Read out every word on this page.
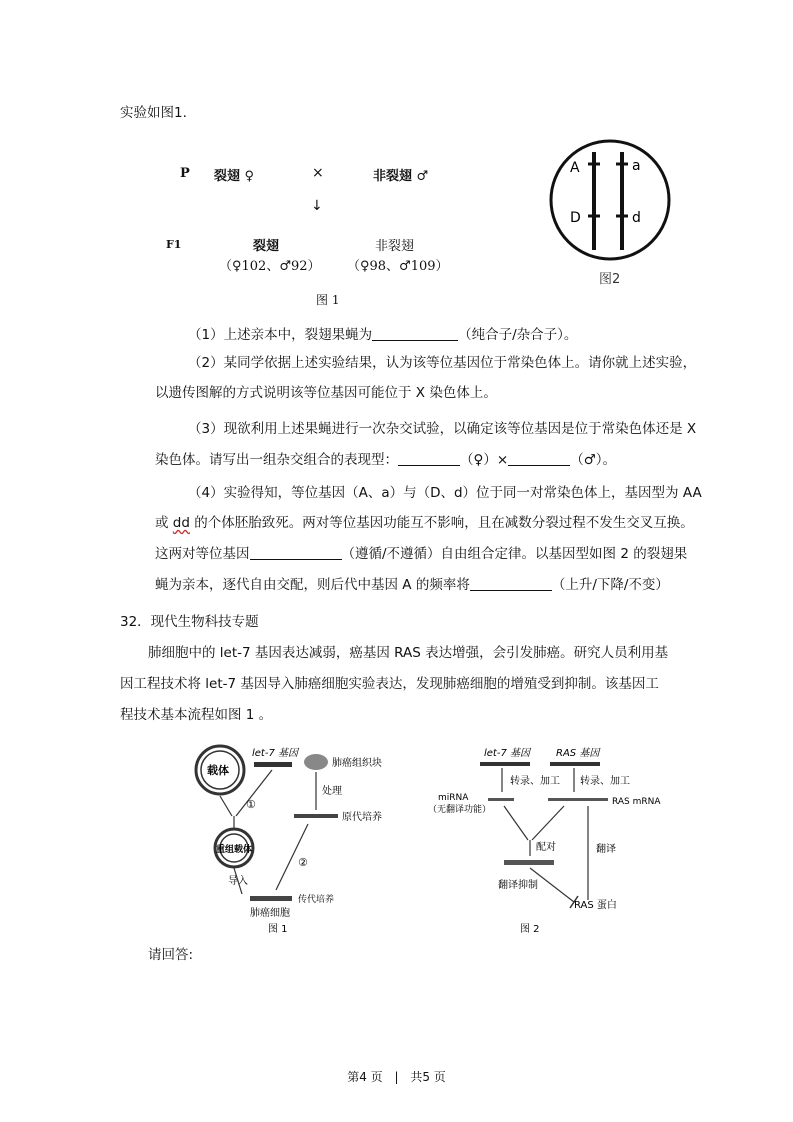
实验如图1.
P 裂翅 ♀	×	非裂翅 ♂
↓
F1	裂翅
（♀102、♂92）
非裂翅
（♀98、♂109）
图 1
A	a
D	d
图2
（1）上述亲本中，裂翅果蝇为	（纯合子/杂合子）。
（2）某同学依据上述实验结果，认为该等位基因位于常染色体上。请你就上述实验，
以遗传图解的方式说明该等位基因可能位于 X 染色体上。
（3）现欲利用上述果蝇进行一次杂交试验，以确定该等位基因是位于常染色体还是 X
染色体。请写出一组杂交组合的表现型：	（♀）×	（♂）。
（4）实验得知，等位基因（A、a）与（D、d）位于同一对常染色体上，基因型为 AA
或 dd 的个体胚胎致死。两对等位基因功能互不影响，且在减数分裂过程不发生交叉互换。
这两对等位基因	（遵循/不遵循）自由组合定律。以基因型如图 2 的裂翅果
蝇为亲本，逐代自由交配，则后代中基因 A 的频率将	（上升/下降/不变）
32．现代生物科技专题
肺细胞中的 let-7 基因表达减弱，癌基因 RAS 表达增强，会引发肺癌。研究人员利用基
因工程技术将 let-7 基因导入肺癌细胞实验表达，发现肺癌细胞的增殖受到抑制。该基因工
程技术基本流程如图 1 。
载体
let-7 基因
肺癌组织块
①
处理
原代培养
重组载体
②
导入
传代培养
肺癌细胞
图 1
let-7 基因	RAS 基因
转录、加工 转录、加工
miRNA
（无翻译功能）
RAS mRNA
配对	翻译
翻译抑制
RAS 蛋白
图 2
请回答:
第4 页 | 共5 页
